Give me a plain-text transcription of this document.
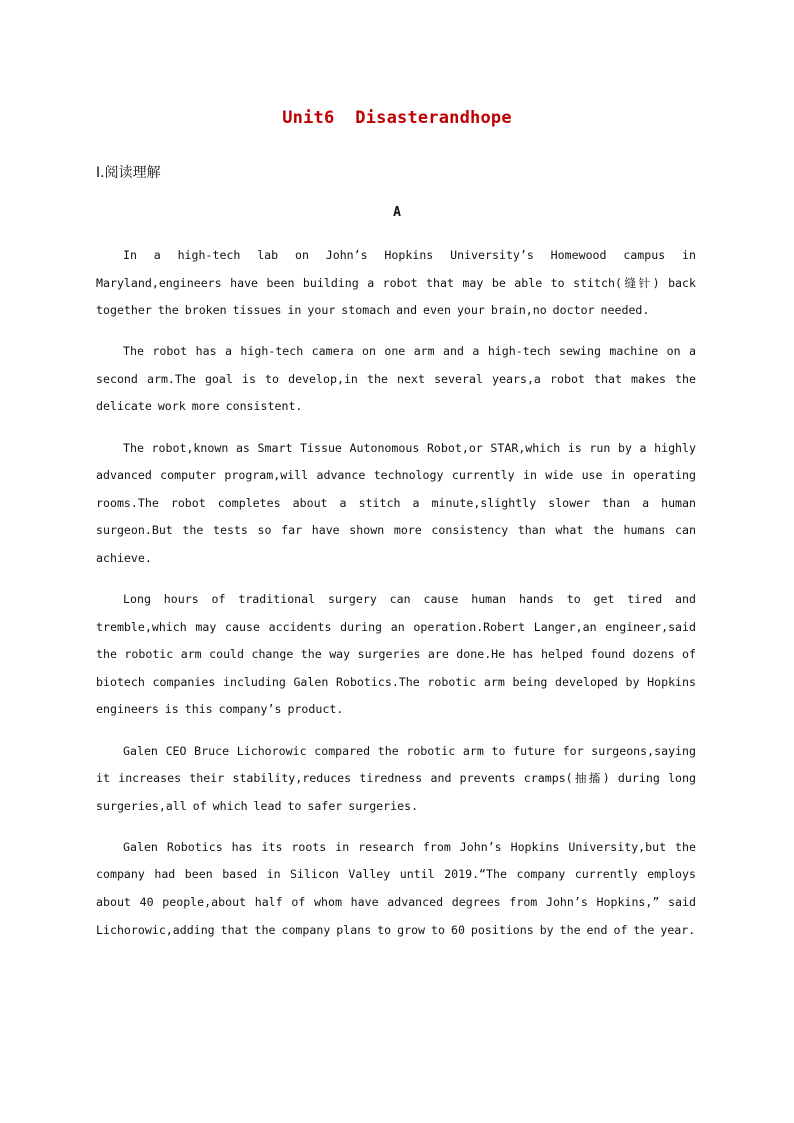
Unit6 Disasterandhope
Ⅰ.阅读理解
A

In a high-tech lab on John’s Hopkins University’s Homewood campus in Maryland,engineers have been building a robot that may be able to stitch(缝针) back together the broken tissues in your stomach and even your brain,no doctor needed.

The robot has a high-tech camera on one arm and a high-tech sewing machine on a second arm.The goal is to develop,in the next several years,a robot that makes the delicate work more consistent.

The robot,known as Smart Tissue Autonomous Robot,or STAR,which is run by a highly advanced computer program,will advance technology currently in wide use in operating rooms.The robot completes about a stitch a minute,slightly slower than a human surgeon.But the tests so far have shown more consistency than what the humans can achieve.

Long hours of traditional surgery can cause human hands to get tired and tremble,which may cause accidents during an operation.Robert Langer,an engineer,said the robotic arm could change the way surgeries are done.He has helped found dozens of biotech companies including Galen Robotics.The robotic arm being developed by Hopkins engineers is this company’s product.

Galen CEO Bruce Lichorowic compared the robotic arm to future for surgeons,saying it increases their stability,reduces tiredness and prevents cramps(抽搐) during long surgeries,all of which lead to safer surgeries.

Galen Robotics has its roots in research from John’s Hopkins University,but the company had been based in Silicon Valley until 2019.“The company currently employs about 40 people,about half of whom have advanced degrees from John’s Hopkins,” said Lichorowic,adding that the company plans to grow to 60 positions by the end of the year.
